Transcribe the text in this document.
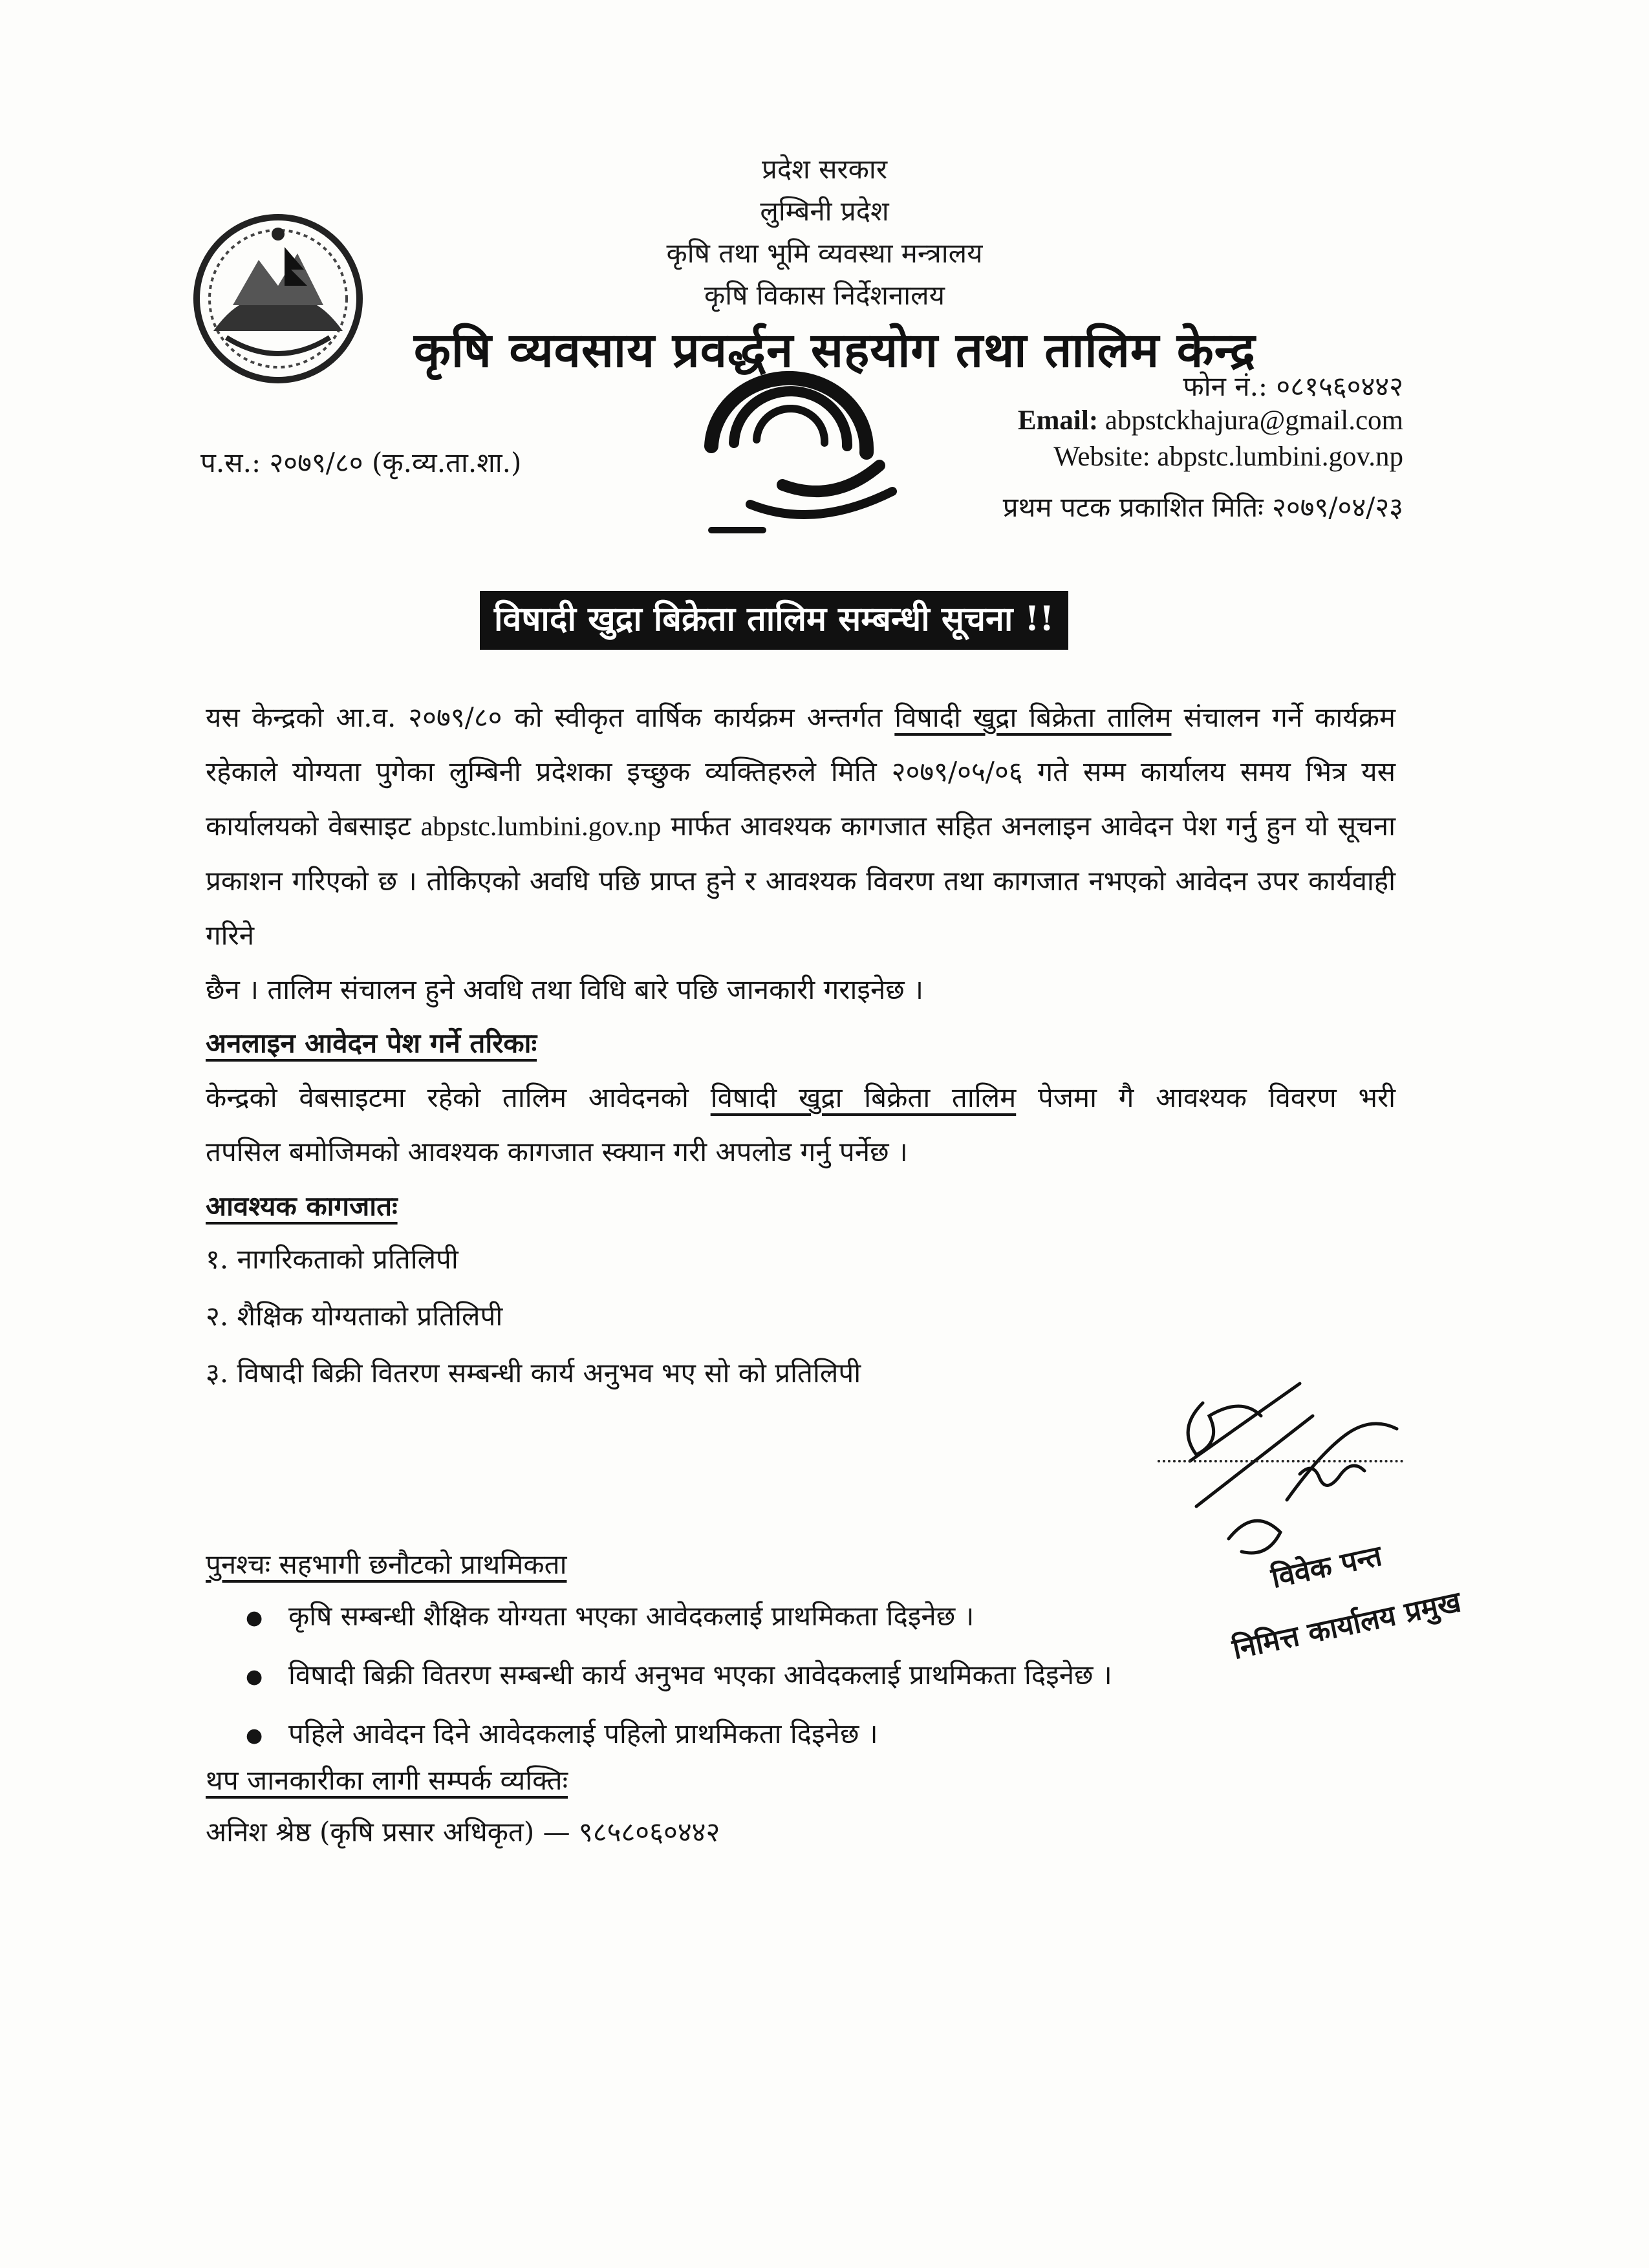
प्रदेश सरकार
लुम्बिनी प्रदेश
कृषि तथा भूमि व्यवस्था मन्त्रालय
कृषि विकास निर्देशनालय
कृषि व्यवसाय प्रवर्द्धन सहयोग तथा तालिम केन्द्र
फोन नं.: ०८१५६०४४२
Email: abpstckhajura@gmail.com
Website: abpstc.lumbini.gov.np
प्रथम पटक प्रकाशित मितिः २०७९/०४/२३
प.स.: २०७९/८० (कृ.व्य.ता.शा.)
विषादी खुद्रा बिक्रेता तालिम सम्बन्धी सूचना !!
यस केन्द्रको आ.व. २०७९/८० को स्वीकृत वार्षिक कार्यक्रम अन्तर्गत विषादी खुद्रा बिक्रेता तालिम संचालन गर्ने कार्यक्रम रहेकाले योग्यता पुगेका लुम्बिनी प्रदेशका इच्छुक व्यक्तिहरुले मिति २०७९/०५/०६ गते सम्म कार्यालय समय भित्र यस कार्यालयको वेबसाइट abpstc.lumbini.gov.np मार्फत आवश्यक कागजात सहित अनलाइन आवेदन पेश गर्नु हुन यो सूचना प्रकाशन गरिएको छ । तोकिएको अवधि पछि प्राप्त हुने र आवश्यक विवरण तथा कागजात नभएको आवेदन उपर कार्यवाही गरिने
छैन । तालिम संचालन हुने अवधि तथा विधि बारे पछि जानकारी गराइनेछ ।
अनलाइन आवेदन पेश गर्ने तरिकाः
केन्द्रको वेबसाइटमा रहेको तालिम आवेदनको विषादी खुद्रा बिक्रेता तालिम पेजमा गै आवश्यक विवरण भरी
तपसिल बमोजिमको आवश्यक कागजात स्क्यान गरी अपलोड गर्नु पर्नेछ ।
आवश्यक कागजातः
१. नागरिकताको प्रतिलिपी
२. शैक्षिक योग्यताको प्रतिलिपी
३. विषादी बिक्री वितरण सम्बन्धी कार्य अनुभव भए सो को प्रतिलिपी
विवेक पन्त
निमित्त कार्यालय प्रमुख
पुनश्चः सहभागी छनौटको प्राथमिकता
● कृषि सम्बन्धी शैक्षिक योग्यता भएका आवेदकलाई प्राथमिकता दिइनेछ ।
● विषादी बिक्री वितरण सम्बन्धी कार्य अनुभव भएका आवेदकलाई प्राथमिकता दिइनेछ ।
● पहिले आवेदन दिने आवेदकलाई पहिलो प्राथमिकता दिइनेछ ।
थप जानकारीका लागी सम्पर्क व्यक्तिः
अनिश श्रेष्ठ (कृषि प्रसार अधिकृत) — ९८५८०६०४४२
